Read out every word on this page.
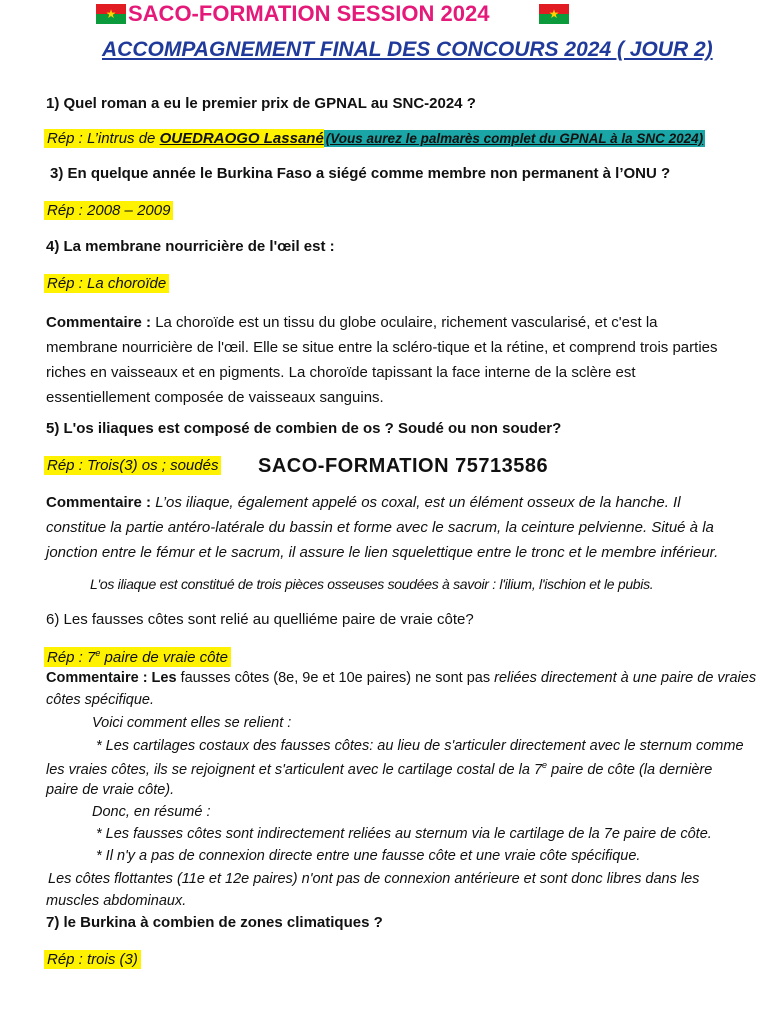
★ SACO-FORMATION SESSION 2024	★
ACCOMPAGNEMENT FINAL DES CONCOURS 2024 ( JOUR 2)
1) Quel roman a eu le premier prix de GPNAL au SNC-2024 ?
Rép : L’intrus de OUEDRAOGO Lassané (Vous aurez le palmarès complet du GPNAL à la SNC 2024)
3) En quelque année le Burkina Faso a siégé comme membre non permanent à l’ONU ?
Rép : 2008 – 2009
4) La membrane nourricière de l'œil est :
Rép : La choroïde
Commentaire : La choroïde est un tissu du globe oculaire, richement vascularisé, et c'est la membrane nourricière de l'œil. Elle se situe entre la scléro-tique et la rétine, et comprend trois parties riches en vaisseaux et en pigments. La choroïde tapissant la face interne de la sclère est essentiellement composée de vaisseaux sanguins.
5) L'os iliaques est composé de combien de os ? Soudé ou non souder?
Rép : Trois(3) os ; soudés SACO-FORMATION 75713586
Commentaire : L’os iliaque, également appelé os coxal, est un élément osseux de la hanche. Il constitue la partie antéro-latérale du bassin et forme avec le sacrum, la ceinture pelvienne. Situé à la jonction entre le fémur et le sacrum, il assure le lien squelettique entre le tronc et le membre inférieur.
L'os iliaque est constitué de trois pièces osseuses soudées à savoir : l'ilium, l'ischion et le pubis.
6) Les fausses côtes sont relié au quelliéme paire de vraie côte?
Rép : 7e paire de vraie côte
Commentaire : Les fausses côtes (8e, 9e et 10e paires) ne sont pas reliées directement à une paire de vraies
côtes spécifique.
Voici comment elles se relient :
* Les cartilages costaux des fausses côtes: au lieu de s'articuler directement avec le sternum comme
les vraies côtes, ils se rejoignent et s'articulent avec le cartilage costal de la 7e paire de côte (la dernière
paire de vraie côte).
Donc, en résumé :
* Les fausses côtes sont indirectement reliées au sternum via le cartilage de la 7e paire de côte.
* Il n'y a pas de connexion directe entre une fausse côte et une vraie côte spécifique.
Les côtes flottantes (11e et 12e paires) n'ont pas de connexion antérieure et sont donc libres dans les
muscles abdominaux.
7) le Burkina à combien de zones climatiques ?
Rép : trois (3)
